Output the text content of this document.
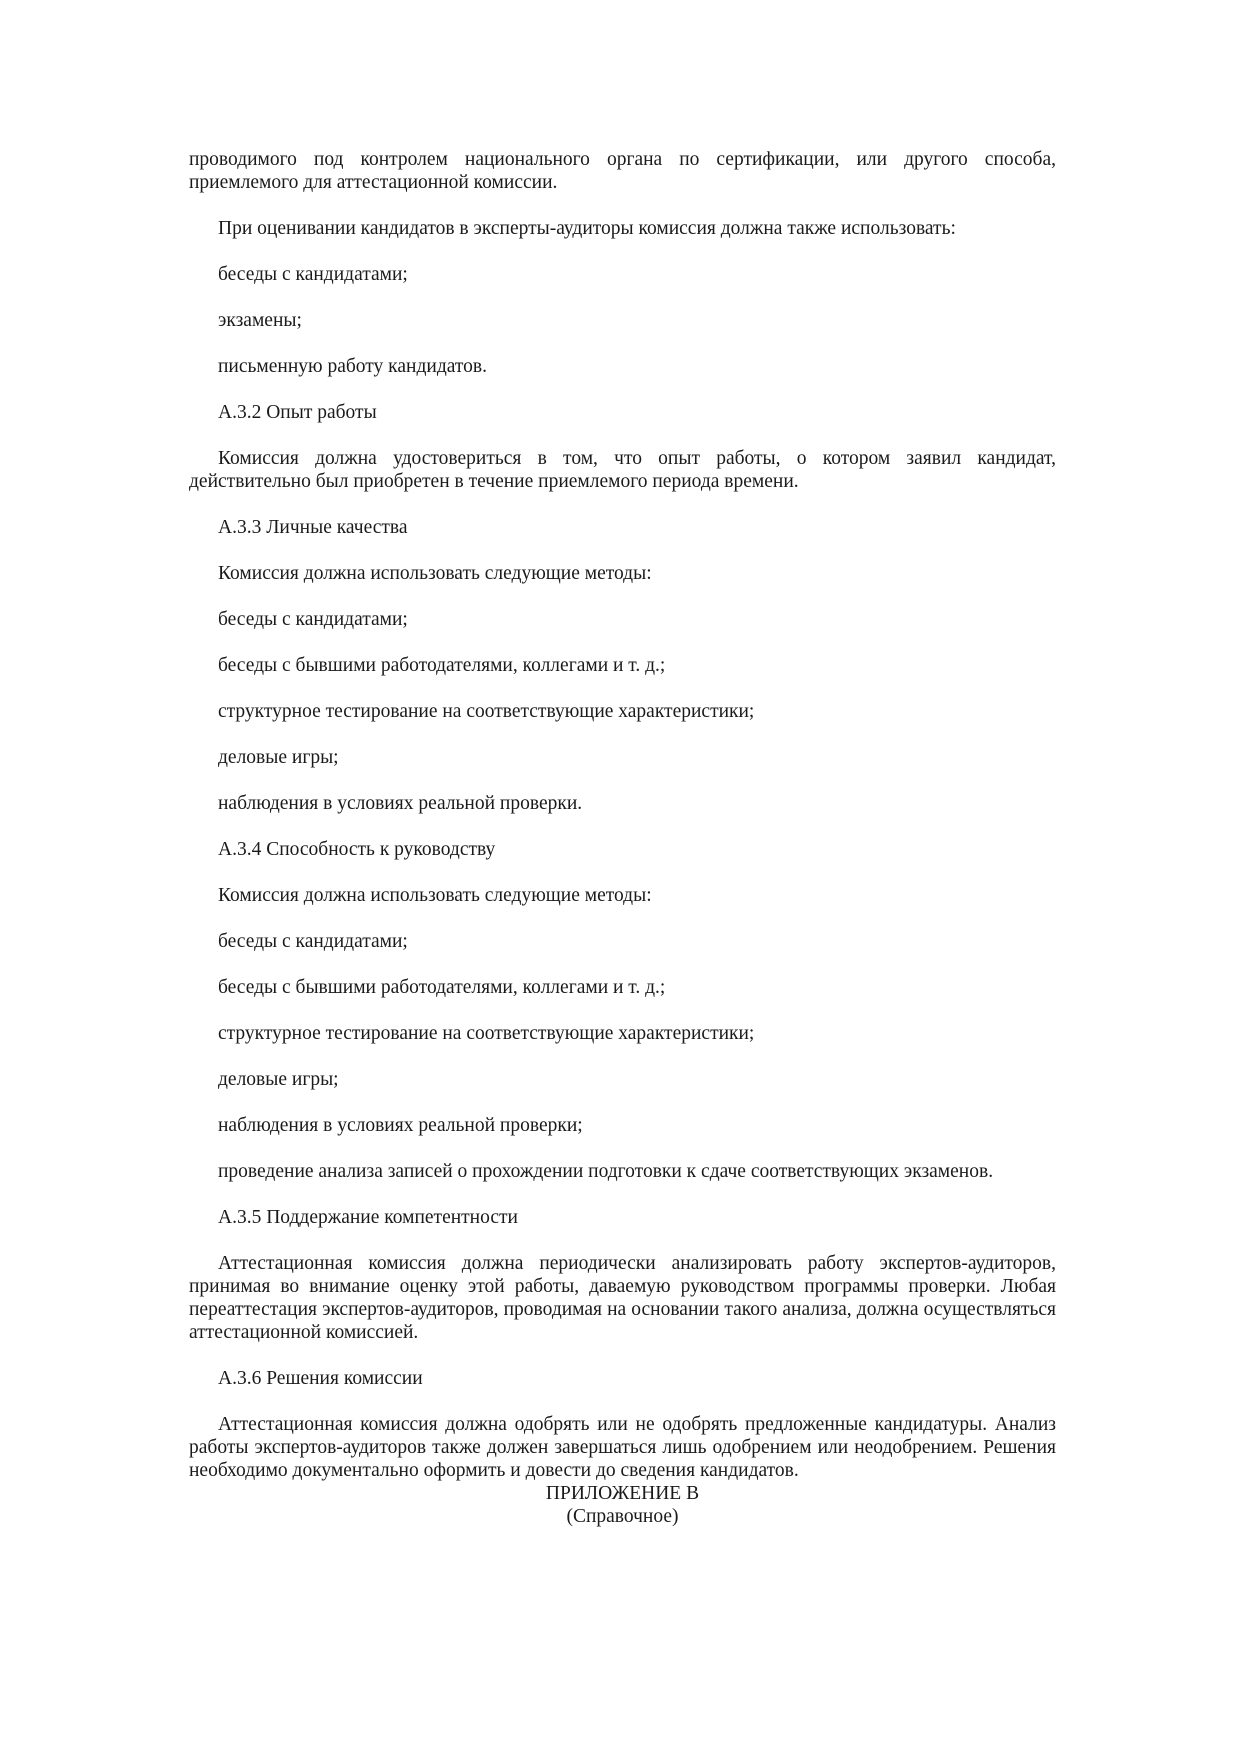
проводимого под контролем национального органа по сертификации, или другого способа, приемлемого для аттестационной комиссии.

При оценивании кандидатов в эксперты-аудиторы комиссия должна также использовать:

беседы с кандидатами;

экзамены;

письменную работу кандидатов.

А.3.2 Опыт работы

Комиссия должна удостовериться в том, что опыт работы, о котором заявил кандидат, действительно был приобретен в течение приемлемого периода времени.

А.3.3 Личные качества

Комиссия должна использовать следующие методы:

беседы с кандидатами;

беседы с бывшими работодателями, коллегами и т. д.;

структурное тестирование на соответствующие характеристики;

деловые игры;

наблюдения в условиях реальной проверки.

А.3.4 Способность к руководству

Комиссия должна использовать следующие методы:

беседы с кандидатами;

беседы с бывшими работодателями, коллегами и т. д.;

структурное тестирование на соответствующие характеристики;

деловые игры;

наблюдения в условиях реальной проверки;

проведение анализа записей о прохождении подготовки к сдаче соответствующих экзаменов.

А.3.5 Поддержание компетентности

Аттестационная комиссия должна периодически анализировать работу экспертов-аудиторов, принимая во внимание оценку этой работы, даваемую руководством программы проверки. Любая переаттестация экспертов-аудиторов, проводимая на основании такого анализа, должна осуществляться аттестационной комиссией.

А.3.6 Решения комиссии

Аттестационная комиссия должна одобрять или не одобрять предложенные кандидатуры. Анализ работы экспертов-аудиторов также должен завершаться лишь одобрением или неодобрением. Решения необходимо документально оформить и довести до сведения кандидатов.

ПРИЛОЖЕНИЕ В

(Справочное)
